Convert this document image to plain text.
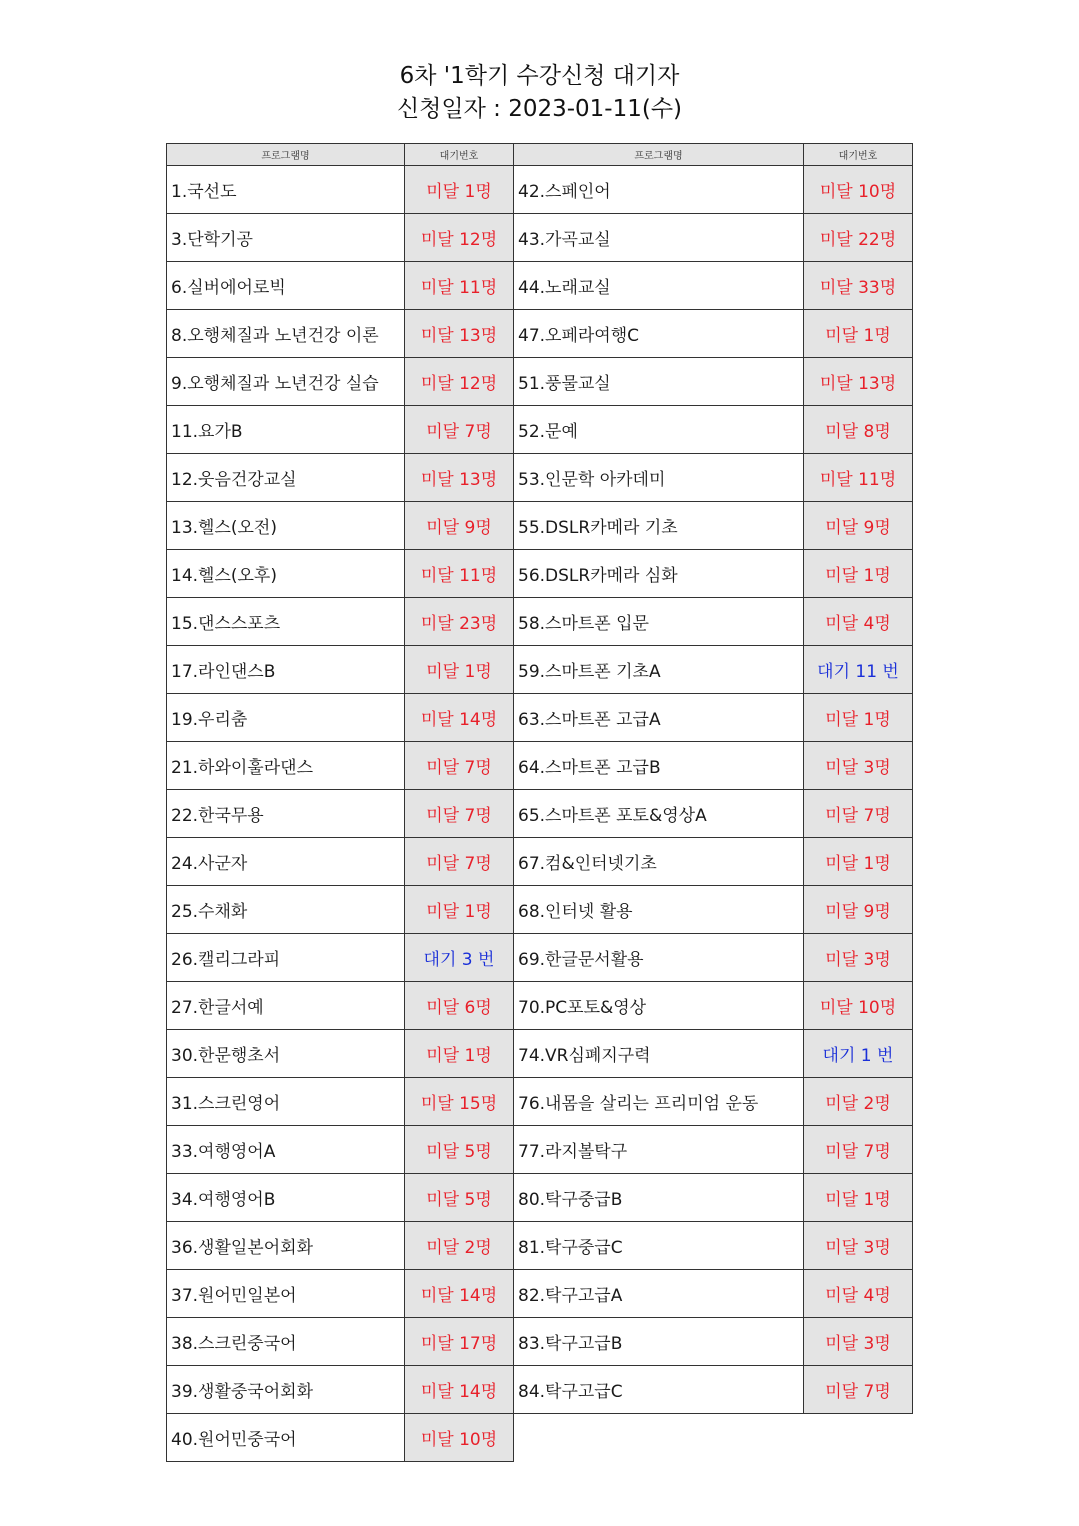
6차 '1학기 수강신청 대기자
신청일자 : 2023-01-11(수)
프로그램명	대기번호
1.국선도	미달 1명
3.단학기공	미달 12명
6.실버에어로빅	미달 11명
8.오행체질과 노년건강 이론	미달 13명
9.오행체질과 노년건강 실습	미달 12명
11.요가B	미달 7명
12.웃음건강교실	미달 13명
13.헬스(오전)	미달 9명
14.헬스(오후)	미달 11명
15.댄스스포츠	미달 23명
17.라인댄스B	미달 1명
19.우리춤	미달 14명
21.하와이훌라댄스	미달 7명
22.한국무용	미달 7명
24.사군자	미달 7명
25.수채화	미달 1명
26.캘리그라피	대기 3 번
27.한글서예	미달 6명
30.한문행초서	미달 1명
31.스크린영어	미달 15명
33.여행영어A	미달 5명
34.여행영어B	미달 5명
36.생활일본어회화	미달 2명
37.원어민일본어	미달 14명
38.스크린중국어	미달 17명
39.생활중국어회화	미달 14명
40.원어민중국어	미달 10명
프로그램명	대기번호
42.스페인어	미달 10명
43.가곡교실	미달 22명
44.노래교실	미달 33명
47.오페라여행C	미달 1명
51.풍물교실	미달 13명
52.문예	미달 8명
53.인문학 아카데미	미달 11명
55.DSLR카메라 기초	미달 9명
56.DSLR카메라 심화	미달 1명
58.스마트폰 입문	미달 4명
59.스마트폰 기초A	대기 11 번
63.스마트폰 고급A	미달 1명
64.스마트폰 고급B	미달 3명
65.스마트폰 포토&영상A	미달 7명
67.컴&인터넷기초	미달 1명
68.인터넷 활용	미달 9명
69.한글문서활용	미달 3명
70.PC포토&영상	미달 10명
74.VR심폐지구력	대기 1 번
76.내몸을 살리는 프리미엄 운동	미달 2명
77.라지볼탁구	미달 7명
80.탁구중급B	미달 1명
81.탁구중급C	미달 3명
82.탁구고급A	미달 4명
83.탁구고급B	미달 3명
84.탁구고급C	미달 7명
